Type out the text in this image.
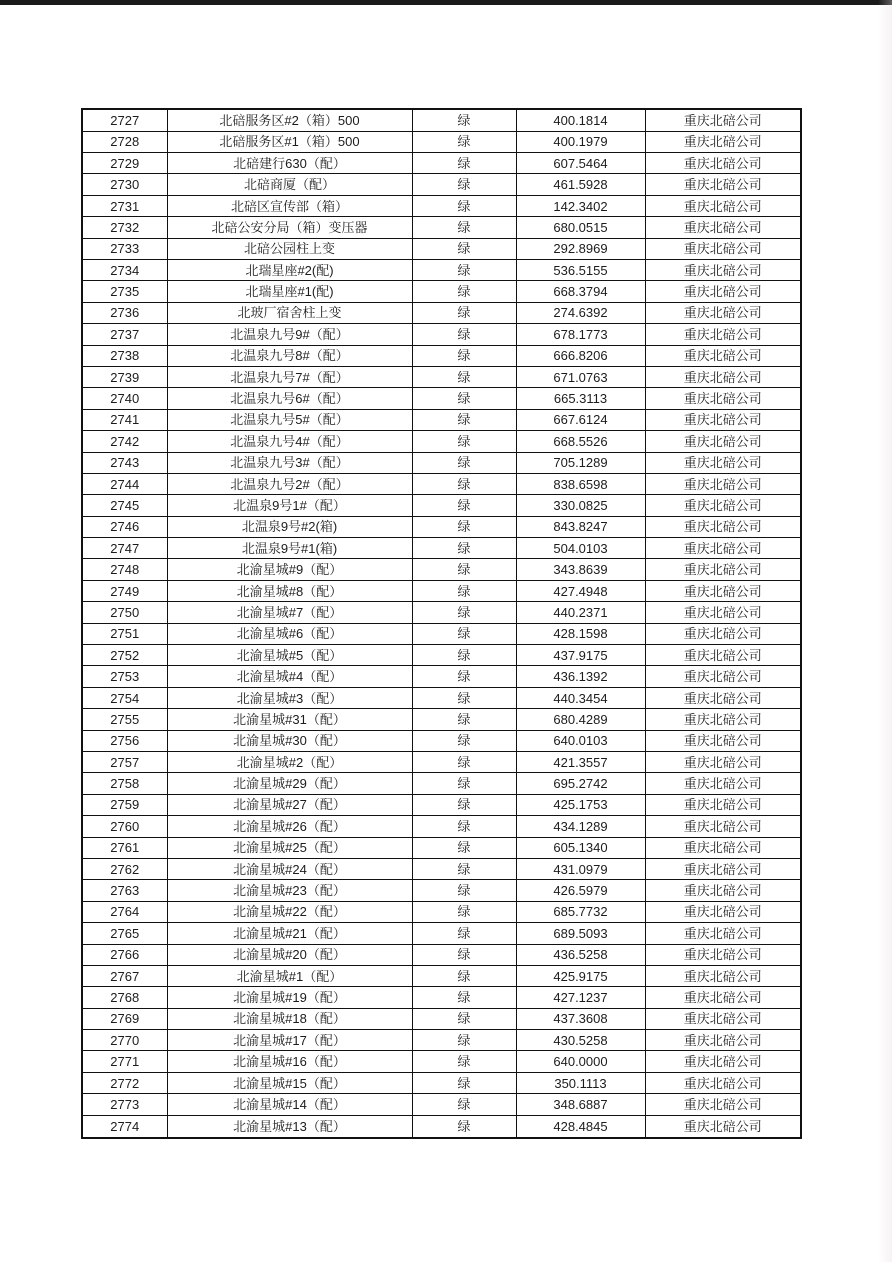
2727	北碚服务区#2（箱）500	绿	400.1814	重庆北碚公司
2728	北碚服务区#1（箱）500	绿	400.1979	重庆北碚公司
2729	北碚建行630（配）	绿	607.5464	重庆北碚公司
2730	北碚商厦（配）	绿	461.5928	重庆北碚公司
2731	北碚区宣传部（箱）	绿	142.3402	重庆北碚公司
2732	北碚公安分局（箱）变压器	绿	680.0515	重庆北碚公司
2733	北碚公园柱上变	绿	292.8969	重庆北碚公司
2734	北瑞星座#2(配)	绿	536.5155	重庆北碚公司
2735	北瑞星座#1(配)	绿	668.3794	重庆北碚公司
2736	北玻厂宿舍柱上变	绿	274.6392	重庆北碚公司
2737	北温泉九号9#（配）	绿	678.1773	重庆北碚公司
2738	北温泉九号8#（配）	绿	666.8206	重庆北碚公司
2739	北温泉九号7#（配）	绿	671.0763	重庆北碚公司
2740	北温泉九号6#（配）	绿	665.3113	重庆北碚公司
2741	北温泉九号5#（配）	绿	667.6124	重庆北碚公司
2742	北温泉九号4#（配）	绿	668.5526	重庆北碚公司
2743	北温泉九号3#（配）	绿	705.1289	重庆北碚公司
2744	北温泉九号2#（配）	绿	838.6598	重庆北碚公司
2745	北温泉9号1#（配）	绿	330.0825	重庆北碚公司
2746	北温泉9号#2(箱)	绿	843.8247	重庆北碚公司
2747	北温泉9号#1(箱)	绿	504.0103	重庆北碚公司
2748	北渝星城#9（配）	绿	343.8639	重庆北碚公司
2749	北渝星城#8（配）	绿	427.4948	重庆北碚公司
2750	北渝星城#7（配）	绿	440.2371	重庆北碚公司
2751	北渝星城#6（配）	绿	428.1598	重庆北碚公司
2752	北渝星城#5（配）	绿	437.9175	重庆北碚公司
2753	北渝星城#4（配）	绿	436.1392	重庆北碚公司
2754	北渝星城#3（配）	绿	440.3454	重庆北碚公司
2755	北渝星城#31（配）	绿	680.4289	重庆北碚公司
2756	北渝星城#30（配）	绿	640.0103	重庆北碚公司
2757	北渝星城#2（配）	绿	421.3557	重庆北碚公司
2758	北渝星城#29（配）	绿	695.2742	重庆北碚公司
2759	北渝星城#27（配）	绿	425.1753	重庆北碚公司
2760	北渝星城#26（配）	绿	434.1289	重庆北碚公司
2761	北渝星城#25（配）	绿	605.1340	重庆北碚公司
2762	北渝星城#24（配）	绿	431.0979	重庆北碚公司
2763	北渝星城#23（配）	绿	426.5979	重庆北碚公司
2764	北渝星城#22（配）	绿	685.7732	重庆北碚公司
2765	北渝星城#21（配）	绿	689.5093	重庆北碚公司
2766	北渝星城#20（配）	绿	436.5258	重庆北碚公司
2767	北渝星城#1（配）	绿	425.9175	重庆北碚公司
2768	北渝星城#19（配）	绿	427.1237	重庆北碚公司
2769	北渝星城#18（配）	绿	437.3608	重庆北碚公司
2770	北渝星城#17（配）	绿	430.5258	重庆北碚公司
2771	北渝星城#16（配）	绿	640.0000	重庆北碚公司
2772	北渝星城#15（配）	绿	350.1113	重庆北碚公司
2773	北渝星城#14（配）	绿	348.6887	重庆北碚公司
2774	北渝星城#13（配）	绿	428.4845	重庆北碚公司
